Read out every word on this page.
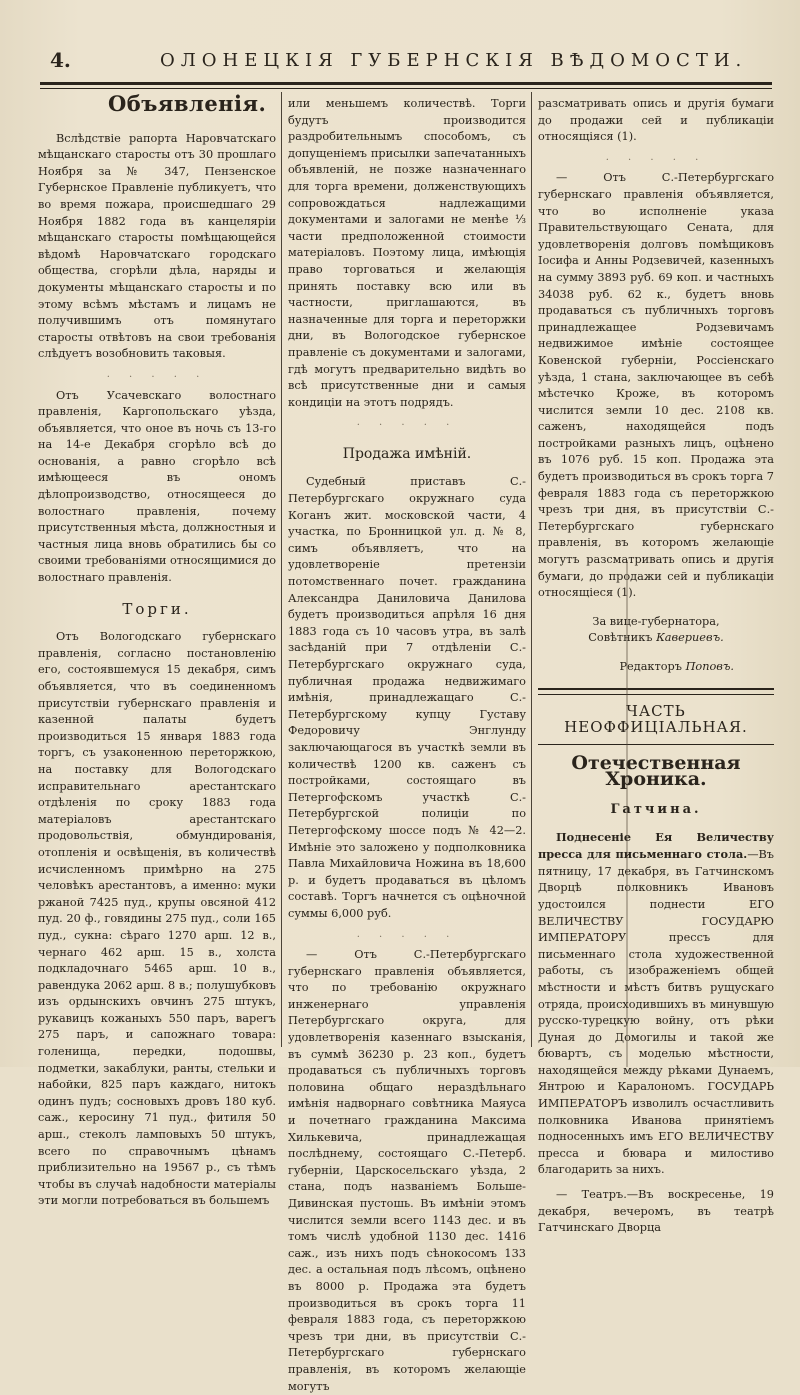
4.	ОЛОНЕЦКІЯ ГУБЕРНСКІЯ ВѢДОМОСТИ.
Объявленія.

Вслѣдствіе рапорта Наровчатскаго мѣщанскаго старосты отъ 30 прошлаго Ноября за № 347, Пензенское Губернское Правленіе публикуетъ, что во время пожара, происшедшаго 29 Ноября 1882 года въ канцеляріи мѣщанскаго старосты помѣщающейся вѣдомѣ Наровчатскаго городскаго общества, сгорѣли дѣла, наряды и документы мѣщанскаго старосты и по этому всѣмъ мѣстамъ и лицамъ не получившимъ отъ помянутаго старосты отвѣтовъ на свои требованія слѣдуетъ возобновить таковыя.

. . . . .

Отъ Усачевскаго волостнаго правленія, Каргопольскаго уѣзда, объявляется, что оное въ ночь съ 13-го на 14-е Декабря сгорѣло всѣ до основанія, а равно сгорѣло всѣ имѣющееся въ ономъ дѣлопроизводство, относящееся до волостнаго правленія, почему присутственныя мѣста, должностныя и частныя лица вновь обратились бы со своими требованіями относящимися до волостнаго правленія.

Торги.

Отъ Вологодскаго губернскаго правленія, согласно постановленію его, состоявшемуся 15 декабря, симъ объявляется, что въ соединенномъ присутствіи губернскаго правленія и казенной палаты будетъ производиться 15 января 1883 года торгъ, съ узаконенною переторжкою, на поставку для Вологодскаго исправительнаго арестантскаго отдѣленія по сроку 1883 года матеріаловъ арестантскаго продовольствія, обмундированія, отопленія и освѣщенія, въ количествѣ исчисленномъ примѣрно на 275 человѣкъ арестантовъ, а именно: муки ржаной 7425 пуд., крупы овсяной 412 пуд. 20 ф., говядины 275 пуд., соли 165 пуд., сукна: сѣраго 1270 арш. 12 в., чернаго 462 арш. 15 в., холста подкладочнаго 5465 арш. 10 в., равендука 2062 арш. 8 в.; полушубковъ изъ ордынскихъ овчинъ 275 штукъ, рукавицъ кожаныхъ 550 паръ, варегъ 275 паръ, и сапожнаго товара: голенища, передки, подошвы, подметки, закаблуки, ранты, стельки и набойки, 825 паръ каждаго, нитокъ одинъ пудъ; сосновыхъ дровъ 180 куб. саж., керосину 71 пуд., фитиля 50 арш., стеколъ ламповыхъ 50 штукъ, всего по справочнымъ цѣнамъ приблизительно на 19567 р., съ тѣмъ чтобы въ случаѣ надобности матеріалы эти могли потребоваться въ большемъ

или меньшемъ количествѣ. Торги будутъ производится раздробительнымъ способомъ, съ допущеніемъ присылки запечатанныхъ объявленій, не позже назначеннаго для торга времени, долженствующихъ сопровождаться надлежащими документами и залогами не менѣе ⅟₃ части предположенной стоимости матеріаловъ. Поэтому лица, имѣющія право торговаться и желающія принять поставку всю или въ частности, приглашаются, въ назначенные для торга и переторжки дни, въ Вологодское губернское правленіе съ документами и залогами, гдѣ могутъ предварительно видѣть во всѣ присутственные дни и самыя кондиціи на этотъ подрядъ.

. . . . .
Продажа имѣній.

Судебный приставъ С.-Петербургскаго окружнаго суда Коганъ жит. московской части, 4 участка, по Бронницкой ул. д. № 8, симъ объявляетъ, что на удовлетвореніе претензіи потомственнаго почет. гражданина Александра Даниловича Данилова будетъ производиться апрѣля 16 дня 1883 года съ 10 часовъ утра, въ залѣ засѣданій при 7 отдѣленіи С.-Петербургскаго окружнаго суда, публичная продажа недвижимаго имѣнія, принадлежащаго С.-Петербургскому купцу Густаву Федоровичу Энглунду заключающагося въ участкѣ земли въ количествѣ 1200 кв. саженъ съ постройками, состоящаго въ Петергофскомъ участкѣ С.-Петербургской полиціи по Петергофскому шоссе подъ № 42—2. Имѣніе это заложено у подполковника Павла Михайловича Ножина въ 18,600 р. и будетъ продаваться въ цѣломъ составѣ. Торгъ начнется съ оцѣночной суммы 6,000 руб.

. . . . .

— Отъ С.-Петербургскаго губернскаго правленія объявляется, что по требованію окружнаго инженернаго управленія Петербургскаго округа, для удовлетворенія казеннаго взысканія, въ суммѣ 36230 р. 23 коп., будетъ продаваться съ публичныхъ торговъ половина общаго нераздѣльнаго имѣнія надворнаго совѣтника Маяуса и почетнаго гражданина Максима Хилькевича, принадлежащая послѣднему, состоящаго С.-Петерб. губерніи, Царскосельскаго уѣзда, 2 стана, подъ названіемъ Больше-Дивинская пустошь. Въ имѣніи этомъ числится земли всего 1143 дес. и въ томъ числѣ удобной 1130 дес. 1416 саж., изъ нихъ подъ сѣнокосомъ 133 дес. а остальная подъ лѣсомъ, оцѣнено въ 8000 р. Продажа эта будетъ производиться въ срокъ торга 11 февраля 1883 года, съ переторжкою чрезъ три дни, въ присутствіи С.-Петербургскаго губернскаго правленія, въ которомъ желающіе могутъ

разсматривать опись и другія бумаги до продажи сей и публикаціи относящіяся (1).

. . . . .

— Отъ С.-Петербургскаго губернскаго правленія объявляется, что во исполненіе указа Правительствующаго Сената, для удовлетворенія долговъ помѣщиковъ Іосифа и Анны Родзевичей, казенныхъ на сумму 3893 руб. 69 коп. и частныхъ 34038 руб. 62 к., будетъ вновь продаваться съ публичныхъ торговъ принадлежащее Родзевичамъ недвижимое имѣніе состоящее Ковенской губерніи, Россіенскаго уѣзда, 1 стана, заключающее въ себѣ мѣстечко Кроже, въ которомъ числится земли 10 дес. 2108 кв. саженъ, находящейся подъ постройками разныхъ лицъ, оцѣнено въ 1076 руб. 15 коп. Продажа эта будетъ производиться въ срокъ торга 7 февраля 1883 года съ переторжкою чрезъ три дня, въ присутствіи С.-Петербургскаго губернскаго правленія, въ которомъ желающіе могутъ разсматривать опись и другія бумаги, до продажи сей и публикаціи относящіеся (1).

За вице-губернатора,
Совѣтникъ Кавериевъ.
Редакторъ Поповъ.
ЧАСТЬ НЕОФФИЦІАЛЬНАЯ.
Отечественная Хроника.
Гатчина.

Поднесеніе Ея Величеству пресса для письменнаго стола.—Въ пятницу, 17 декабря, въ Гатчинскомъ Дворцѣ полковникъ Ивановъ удостоился поднести ЕГО ВЕЛИЧЕСТВУ ГОСУДАРЮ ИМПЕРАТОРУ прессъ для письменнаго стола художественной работы, съ изображеніемъ общей мѣстности и мѣстъ битвъ рущускаго отряда, происходившихъ въ минувшую русско-турецкую войну, отъ рѣки Дуная до Домогилы и такой же бювартъ, съ моделью мѣстности, находящейся между рѣками Дунаемъ, Янтрою и Каралономъ. ГОСУДАРЬ ИМПЕРАТОРЪ изволилъ осчастливить полковника Иванова принятіемъ подносенныхъ имъ ЕГО ВЕЛИЧЕСТВУ пресса и бювара и милостиво благодарить за нихъ.

— Театръ.—Въ воскресенье, 19 декабря, вечеромъ, въ театрѣ Гатчинскаго Дворца
